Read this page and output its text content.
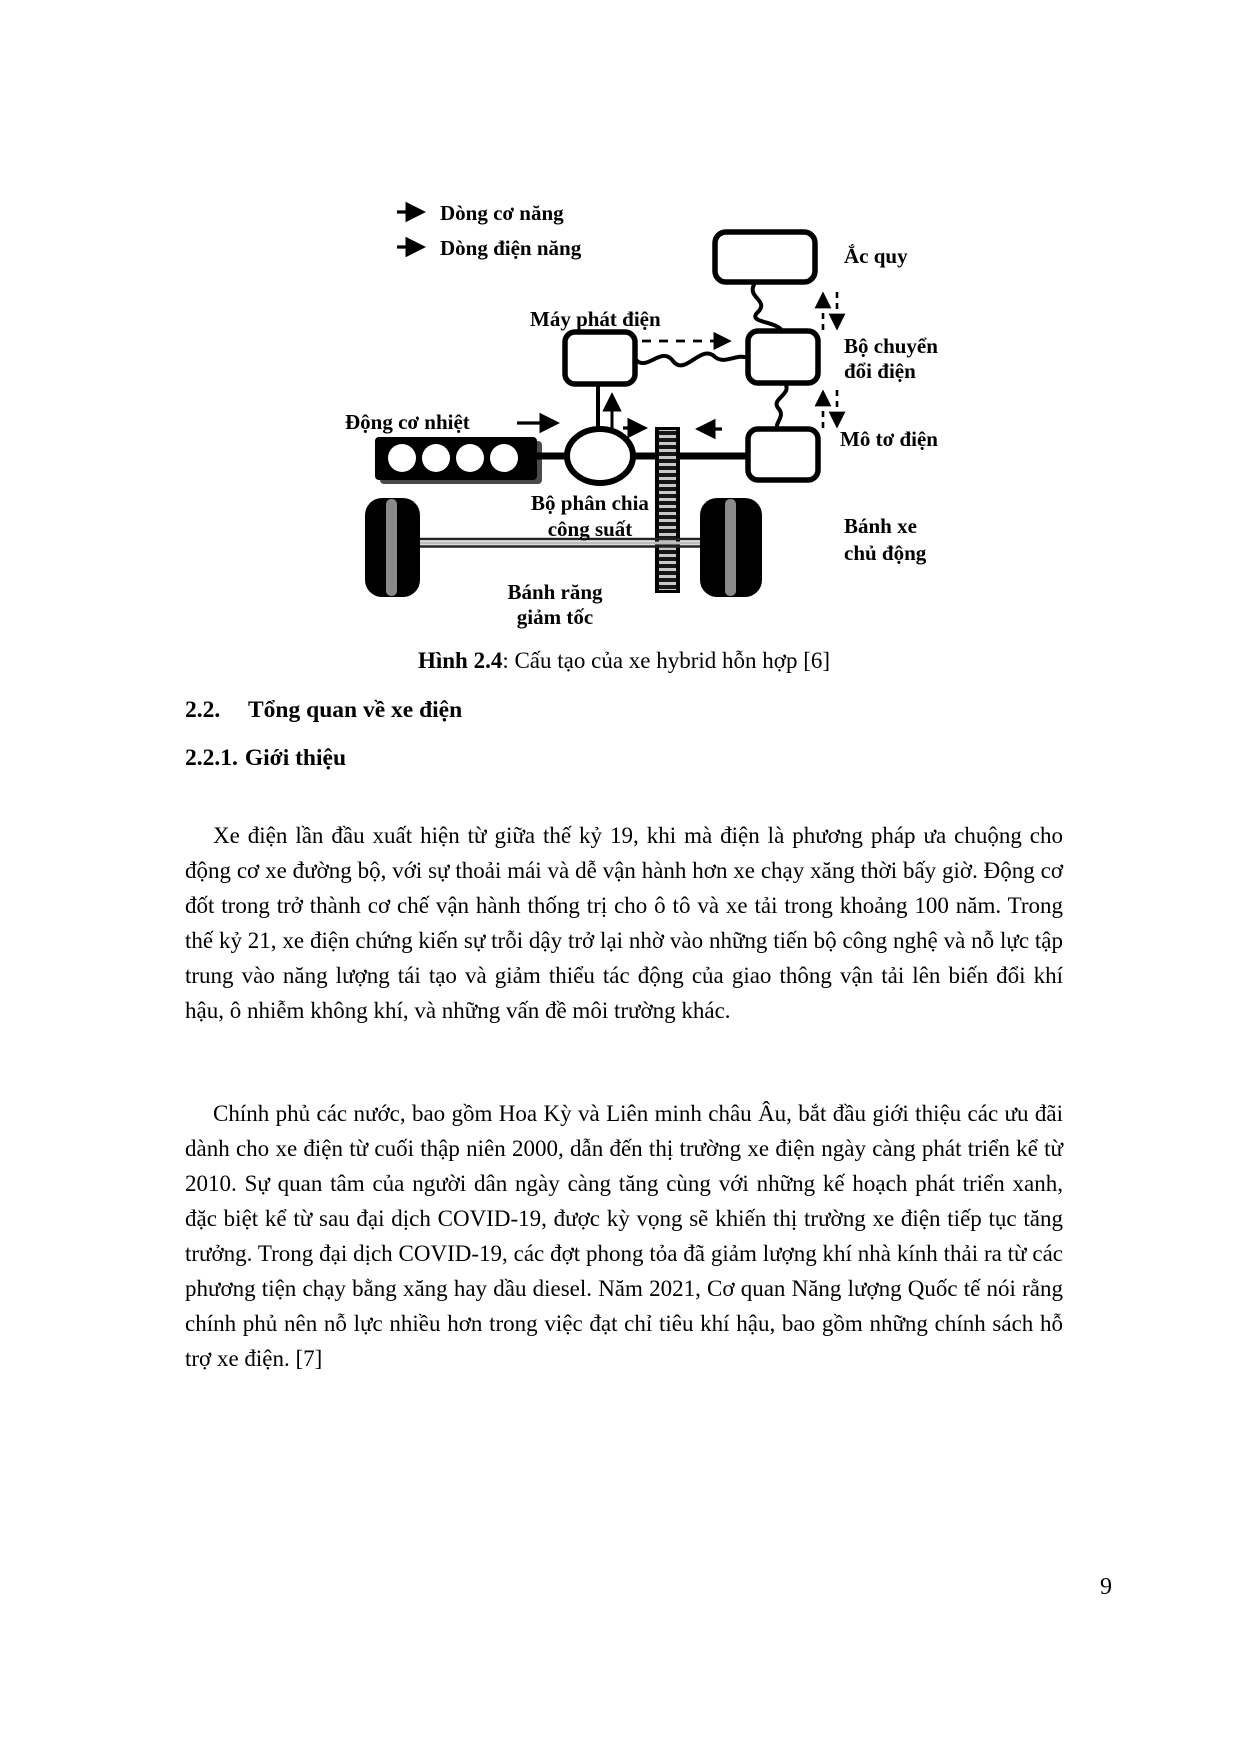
Dòng cơ năng
Dòng điện năng
Máy phát điện
Ắc quy
Bộ chuyển
đổi điện
Mô tơ điện
Động cơ nhiệt
Bộ phân chia
công suất	Bánh xe
chủ động
Bánh răng
giảm tốc
Hình 2.4: Cấu tạo của xe hybrid hỗn hợp [6]
2.2. Tổng quan về xe điện
2.2.1. Giới thiệu

Xe điện lần đầu xuất hiện từ giữa thế kỷ 19, khi mà điện là phương pháp ưa chuộng cho động cơ xe đường bộ, với sự thoải mái và dễ vận hành hơn xe chạy xăng thời bấy giờ. Động cơ đốt trong trở thành cơ chế vận hành thống trị cho ô tô và xe tải trong khoảng 100 năm. Trong thế kỷ 21, xe điện chứng kiến sự trỗi dậy trở lại nhờ vào những tiến bộ công nghệ và nỗ lực tập trung vào năng lượng tái tạo và giảm thiểu tác động của giao thông vận tải lên biến đổi khí hậu, ô nhiễm không khí, và những vấn đề môi trường khác.

Chính phủ các nước, bao gồm Hoa Kỳ và Liên minh châu Âu, bắt đầu giới thiệu các ưu đãi dành cho xe điện từ cuối thập niên 2000, dẫn đến thị trường xe điện ngày càng phát triển kể từ 2010. Sự quan tâm của người dân ngày càng tăng cùng với những kế hoạch phát triển xanh, đặc biệt kể từ sau đại dịch COVID-19, được kỳ vọng sẽ khiến thị trường xe điện tiếp tục tăng trưởng. Trong đại dịch COVID-19, các đợt phong tỏa đã giảm lượng khí nhà kính thải ra từ các phương tiện chạy bằng xăng hay dầu diesel. Năm 2021, Cơ quan Năng lượng Quốc tế nói rằng chính phủ nên nỗ lực nhiều hơn trong việc đạt chỉ tiêu khí hậu, bao gồm những chính sách hỗ trợ xe điện. [7]

9
